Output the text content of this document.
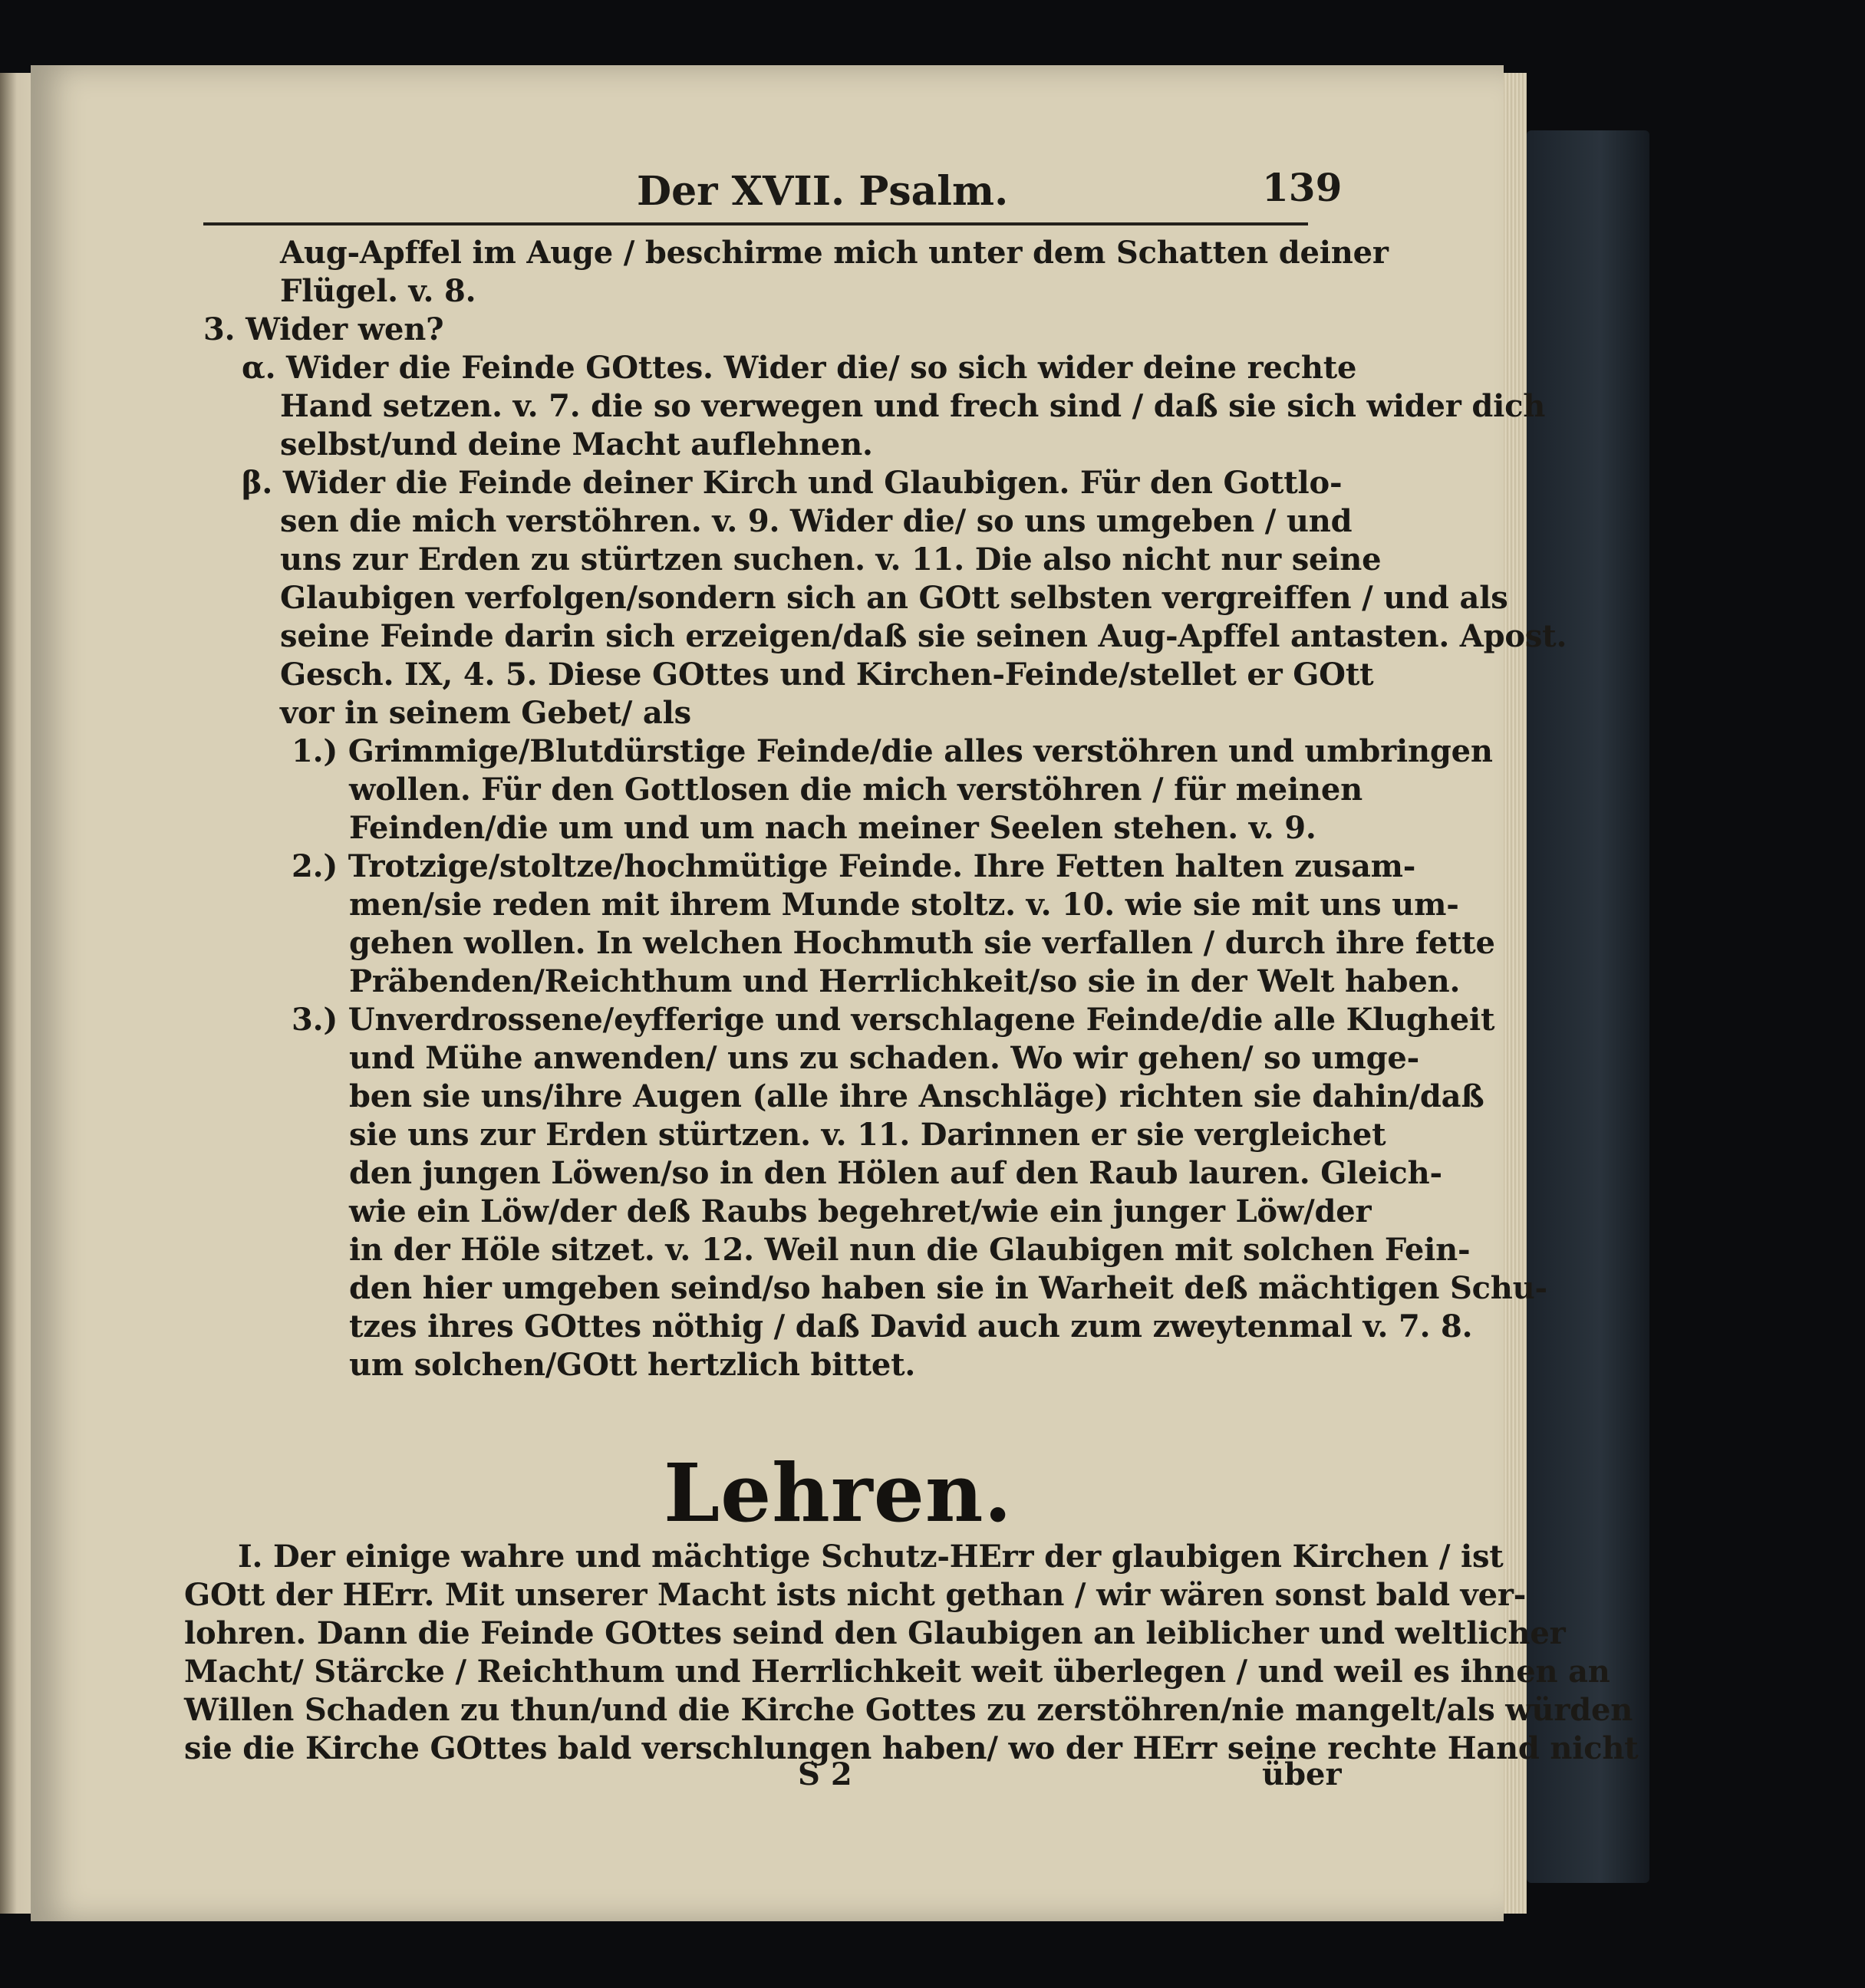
Der XVII. Psalm.	139
Aug-Apffel im Auge / beschirme mich unter dem Schatten deiner
Flügel. v. 8.
3. Wider wen?
α. Wider die Feinde GOttes. Wider die/ so sich wider deine rechte
Hand setzen. v. 7. die so verwegen und frech sind / daß sie sich wider dich
selbst/und deine Macht auflehnen.
β. Wider die Feinde deiner Kirch und Glaubigen. Für den Gottlo-
sen die mich verstöhren. v. 9. Wider die/ so uns umgeben / und
uns zur Erden zu stürtzen suchen. v. 11. Die also nicht nur seine
Glaubigen verfolgen/sondern sich an GOtt selbsten vergreiffen / und als
seine Feinde darin sich erzeigen/daß sie seinen Aug-Apffel antasten. Apost.
Gesch. IX, 4. 5. Diese GOttes und Kirchen-Feinde/stellet er GOtt
vor in seinem Gebet/ als
1.) Grimmige/Blutdürstige Feinde/die alles verstöhren und umbringen
wollen. Für den Gottlosen die mich verstöhren / für meinen
Feinden/die um und um nach meiner Seelen stehen. v. 9.
2.) Trotzige/stoltze/hochmütige Feinde. Ihre Fetten halten zusam-
men/sie reden mit ihrem Munde stoltz. v. 10. wie sie mit uns um-
gehen wollen. In welchen Hochmuth sie verfallen / durch ihre fette
Präbenden/Reichthum und Herrlichkeit/so sie in der Welt haben.
3.) Unverdrossene/eyfferige und verschlagene Feinde/die alle Klugheit
und Mühe anwenden/ uns zu schaden. Wo wir gehen/ so umge-
ben sie uns/ihre Augen (alle ihre Anschläge) richten sie dahin/daß
sie uns zur Erden stürtzen. v. 11. Darinnen er sie vergleichet
den jungen Löwen/so in den Hölen auf den Raub lauren. Gleich-
wie ein Löw/der deß Raubs begehret/wie ein junger Löw/der
in der Höle sitzet. v. 12. Weil nun die Glaubigen mit solchen Fein-
den hier umgeben seind/so haben sie in Warheit deß mächtigen Schu-
tzes ihres GOttes nöthig / daß David auch zum zweytenmal v. 7. 8.
um solchen/GOtt hertzlich bittet.
Lehren.
I. Der einige wahre und mächtige Schutz-HErr der glaubigen Kirchen / ist
GOtt der HErr. Mit unserer Macht ists nicht gethan / wir wären sonst bald ver-
lohren. Dann die Feinde GOttes seind den Glaubigen an leiblicher und weltlicher
Macht/ Stärcke / Reichthum und Herrlichkeit weit überlegen / und weil es ihnen an
Willen Schaden zu thun/und die Kirche Gottes zu zerstöhren/nie mangelt/als würden
sie die Kirche GOttes bald verschlungen haben/ wo der HErr seine rechte Hand nicht
S 2	über
